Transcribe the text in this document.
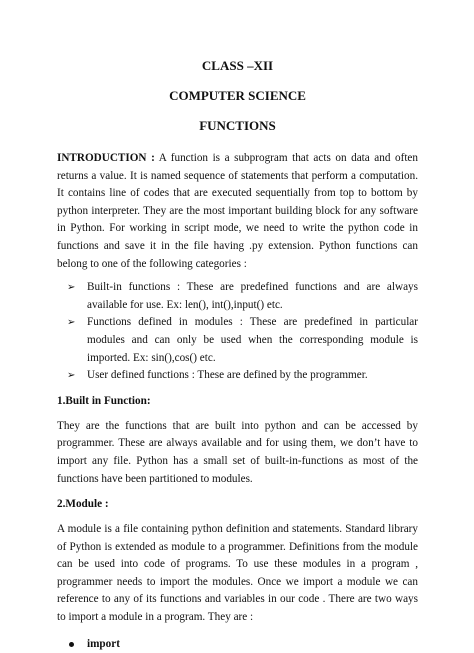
CLASS –XII

COMPUTER SCIENCE

FUNCTIONS

INTRODUCTION : A function is a subprogram that acts on data and often returns a value. It is named sequence of statements that perform a computation. It contains line of codes that are executed sequentially from top to bottom by python interpreter. They are the most important building block for any software in Python. For working in script mode, we need to write the python code in functions and save it in the file having .py extension. Python functions can belong to one of the following categories :

➢ Built-in functions : These are predefined functions and are always available for use. Ex: len(), int(),input() etc.
➢ Functions defined in modules : These are predefined in particular modules and can only be used when the corresponding module is imported. Ex: sin(),cos() etc.
➢ User defined functions : These are defined by the programmer.

1.Built in Function:

They are the functions that are built into python and can be accessed by programmer. These are always available and for using them, we don’t have to import any file. Python has a small set of built-in-functions as most of the functions have been partitioned to modules.

2.Module :

A module is a file containing python definition and statements. Standard library of Python is extended as module to a programmer. Definitions from the module can be used into code of programs. To use these modules in a program , programmer needs to import the modules. Once we import a module we can reference to any of its functions and variables in our code . There are two ways to import a module in a program. They are :

import
